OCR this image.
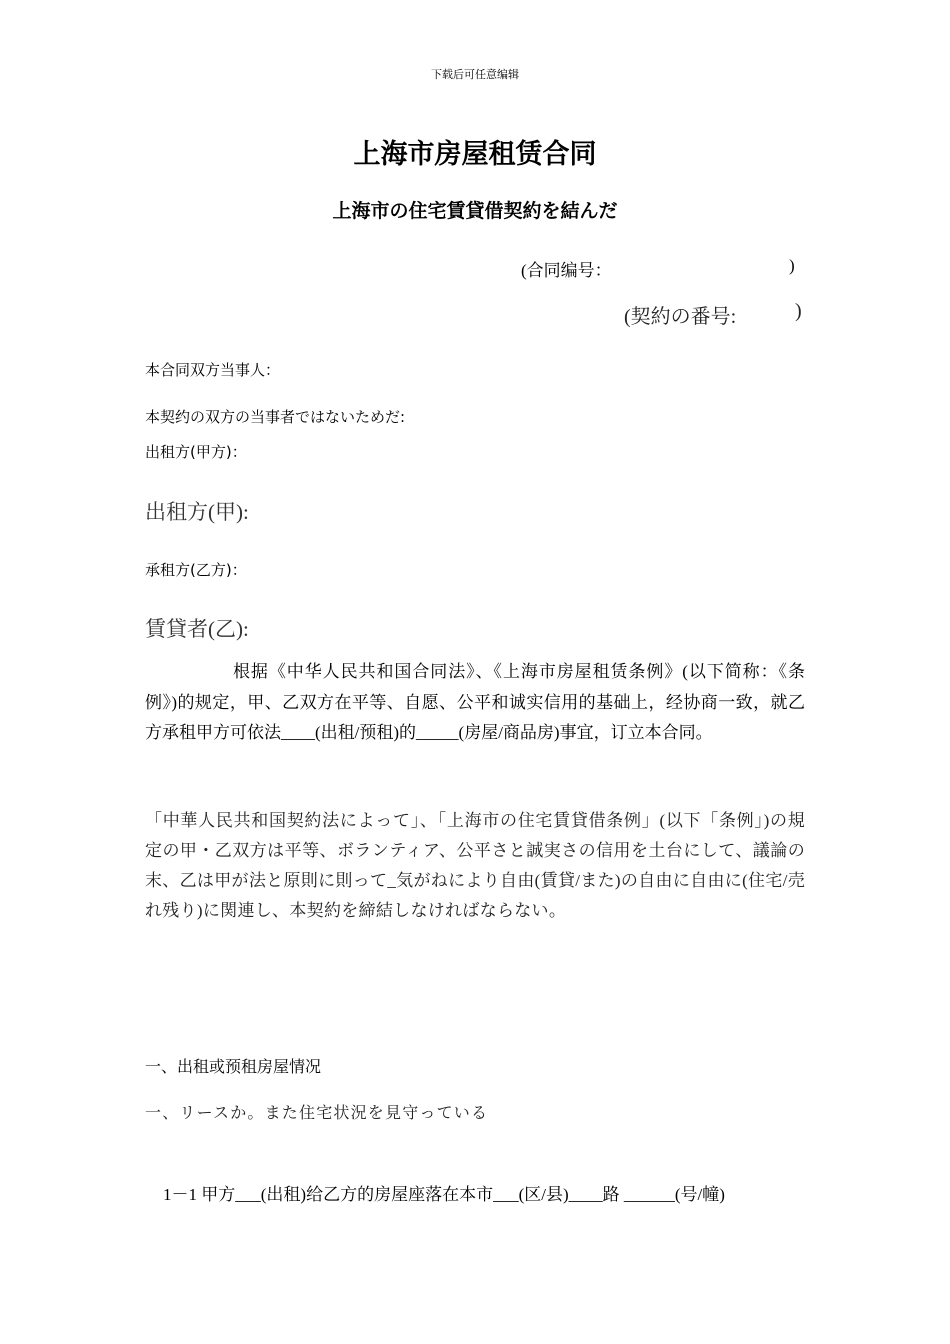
下载后可任意编辑
上海市房屋租赁合同
上海市の住宅賃貸借契約を結んだ
(合同编号：	)
(契約の番号:	)
本合同双方当事人：
本契约の双方の当事者ではないためだ:
出租方(甲方)：
出租方(甲):
承租方(乙方)：
賃貸者(乙):

根据《中华人民共和国合同法》、《上海市房屋租赁条例》(以下简称：《条例》)的规定，甲、乙双方在平等、自愿、公平和诚实信用的基础上，经协商一致，就乙方承租甲方可依法____(出租/预租)的_____(房屋/商品房)事宜，订立本合同。

「中華人民共和国契約法によって」、「上海市の住宅賃貸借条例」(以下「条例」)の規定の甲・乙双方は平等、ボランティア、公平さと誠実さの信用を土台にして、議論の末、乙は甲が法と原則に則って_気がねにより自由(賃貸/また)の自由に自由に(住宅/売れ残り)に関連し、本契約を締結しなければならない。

一、出租或预租房屋情况
一、リースか。また住宅状況を見守っている
1－1 甲方___(出租)给乙方的房屋座落在本市___(区/县)____路 ______(号/幢)
